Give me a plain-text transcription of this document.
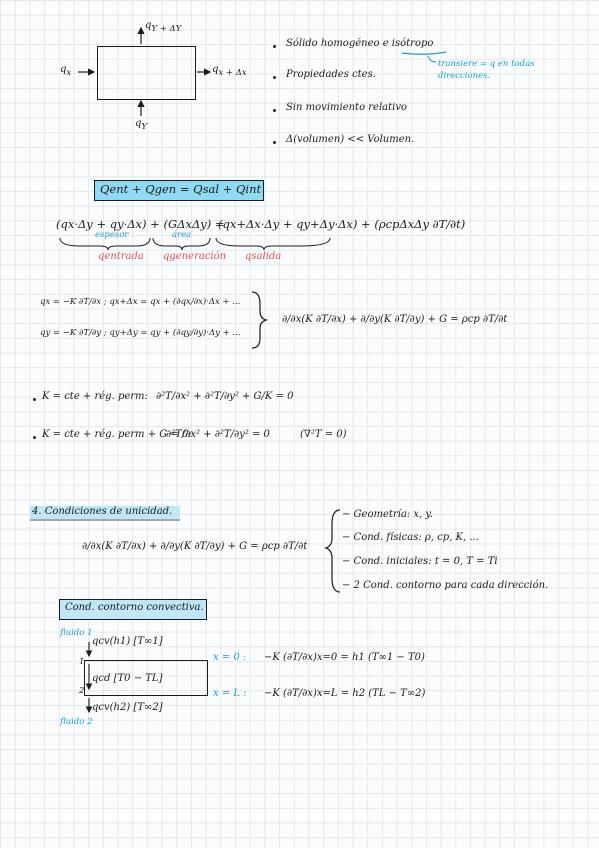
$q_{Y + \Delta Y}$
$q_x$	$q_{x + \Delta x}$
$q_Y$
Sólido homogéneo e isótropo
Propiedades ctes.
Sin movimiento relativo
Δ(volumen) << Volumen.
transiere = q en todas direcciones.
Qent + Qgen = Qsal + Qint
(qx·Δy + qy·Δx) + (GΔxΔy) =
(qx+Δx·Δy + qy+Δy·Δx) + (ρcpΔxΔy ∂T/∂t)
espesor	área
qentrada qgeneración qsalida
qx = −K ∂T/∂x ; qx+Δx = qx + (∂qx/∂x)·Δx + ...
qy = −K ∂T/∂y ; qy+Δy = qy + (∂qy/∂y)·Δy + ...
∂/∂x(K ∂T/∂x) + ∂/∂y(K ∂T/∂y) + G = ρcp ∂T/∂t
K = cte + rég. perm: ∂²T/∂x² + ∂²T/∂y² + G/K = 0
K = cte + rég. perm + G = 0:
∂²T/∂x² + ∂²T/∂y² = 0	(∇²T = 0)
4. Condiciones de unicidad.
∂/∂x(K ∂T/∂x) + ∂/∂y(K ∂T/∂y) + G = ρcp ∂T/∂t
− Geometría: x, y.
− Cond. físicas: ρ, cp, K, ...
− Cond. iniciales: t = 0, T = Ti
− 2 Cond. contorno para cada dirección.
Cond. contorno convectiva.
fluido 1
fluido 2
1
2
qcv(h1) [T∞1]
qcd [T0 − TL]
qcv(h2) [T∞2]
x = 0 : −K (∂T/∂x)x=0 = h1 (T∞1 − T0)
x = L : −K (∂T/∂x)x=L = h2 (TL − T∞2)
